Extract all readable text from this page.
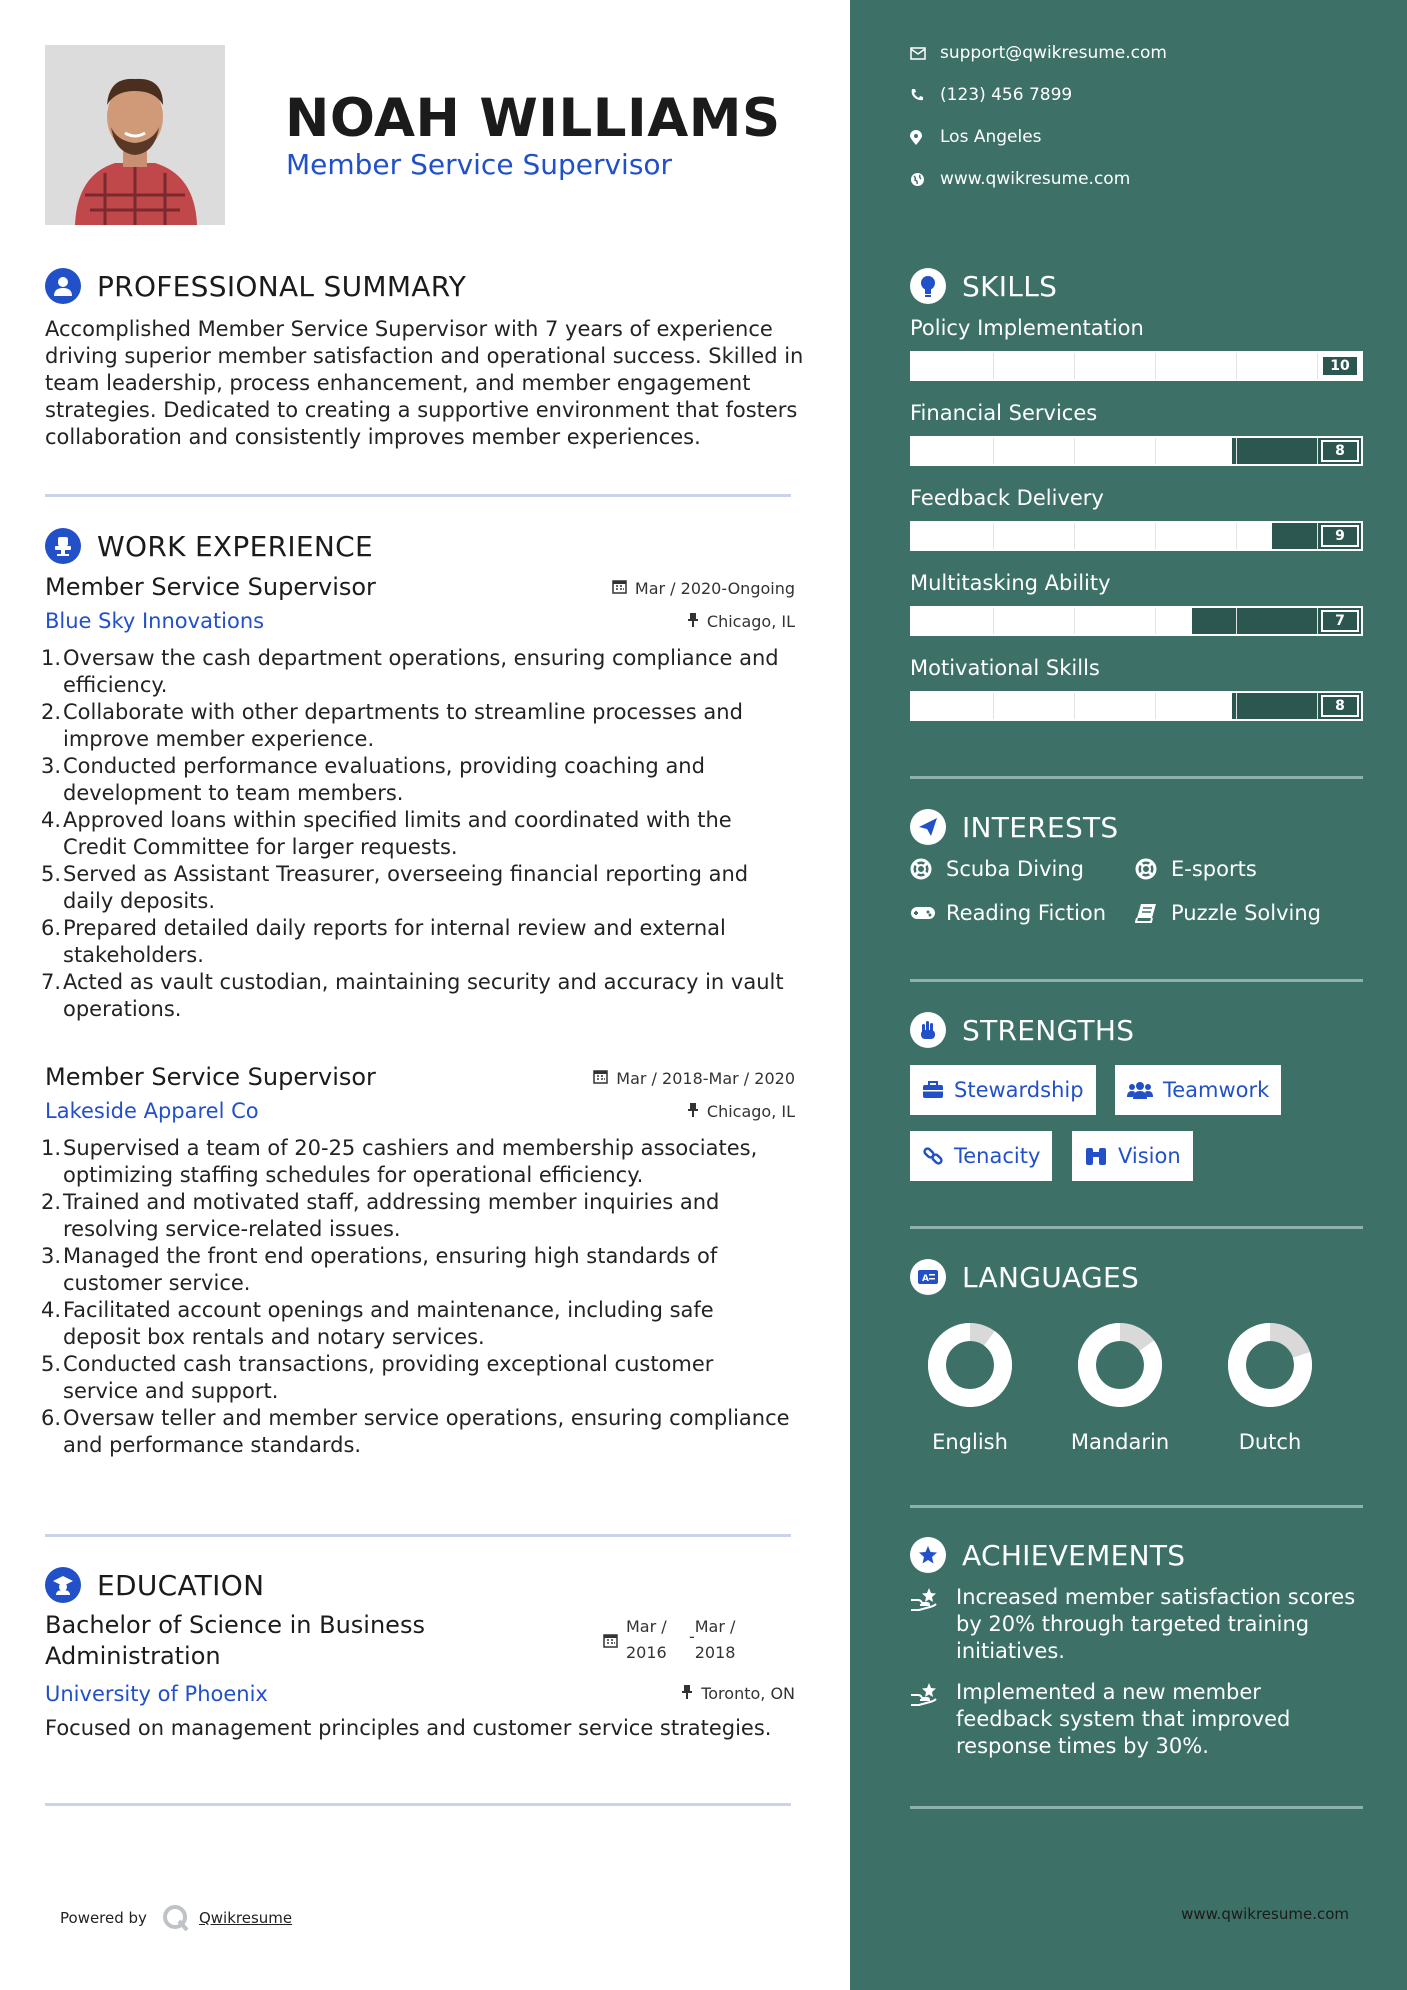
NOAH WILLIAMS
Member Service Supervisor
PROFESSIONAL SUMMARY
Accomplished Member Service Supervisor with 7 years of experience driving superior member satisfaction and operational success. Skilled in team leadership, process enhancement, and member engagement strategies. Dedicated to creating a supportive environment that fosters collaboration and consistently improves member experiences.
WORK EXPERIENCE
Member Service Supervisor
Blue Sky Innovations
Mar / 2020-Ongoing
Chicago, IL
1. Oversaw the cash department operations, ensuring compliance and efficiency.
2. Collaborate with other departments to streamline processes and improve member experience.
3. Conducted performance evaluations, providing coaching and development to team members.
4. Approved loans within specified limits and coordinated with the Credit Committee for larger requests.
5. Served as Assistant Treasurer, overseeing financial reporting and daily deposits.
6. Prepared detailed daily reports for internal review and external stakeholders.
7. Acted as vault custodian, maintaining security and accuracy in vault operations.
Member Service Supervisor
Lakeside Apparel Co
Mar / 2018-Mar / 2020
Chicago, IL
1. Supervised a team of 20-25 cashiers and membership associates, optimizing staffing schedules for operational efficiency.
2. Trained and motivated staff, addressing member inquiries and resolving service-related issues.
3. Managed the front end operations, ensuring high standards of customer service.
4. Facilitated account openings and maintenance, including safe deposit box rentals and notary services.
5. Conducted cash transactions, providing exceptional customer service and support.
6. Oversaw teller and member service operations, ensuring compliance and performance standards.
EDUCATION
Bachelor of Science in Business Administration
Mar /
2016
-
Mar /
2018
Toronto, ON
University of Phoenix
Focused on management principles and customer service strategies.
Powered by	Qwikresume
support@qwikresume.com
(123) 456 7899
Los Angeles
www.qwikresume.com
SKILLS
Policy Implementation
10
Financial Services
8
Feedback Delivery
9
Multitasking Ability
7
Motivational Skills
8
INTERESTS
Scuba Diving	E-sports
Reading Fiction	Puzzle Solving
STRENGTHS
Stewardship	Teamwork
Tenacity	Vision
A LANGUAGES
English	Mandarin	Dutch
ACHIEVEMENTS
Increased member satisfaction scores by 20% through targeted training initiatives.
Implemented a new member feedback system that improved response times by 30%.
www.qwikresume.com
